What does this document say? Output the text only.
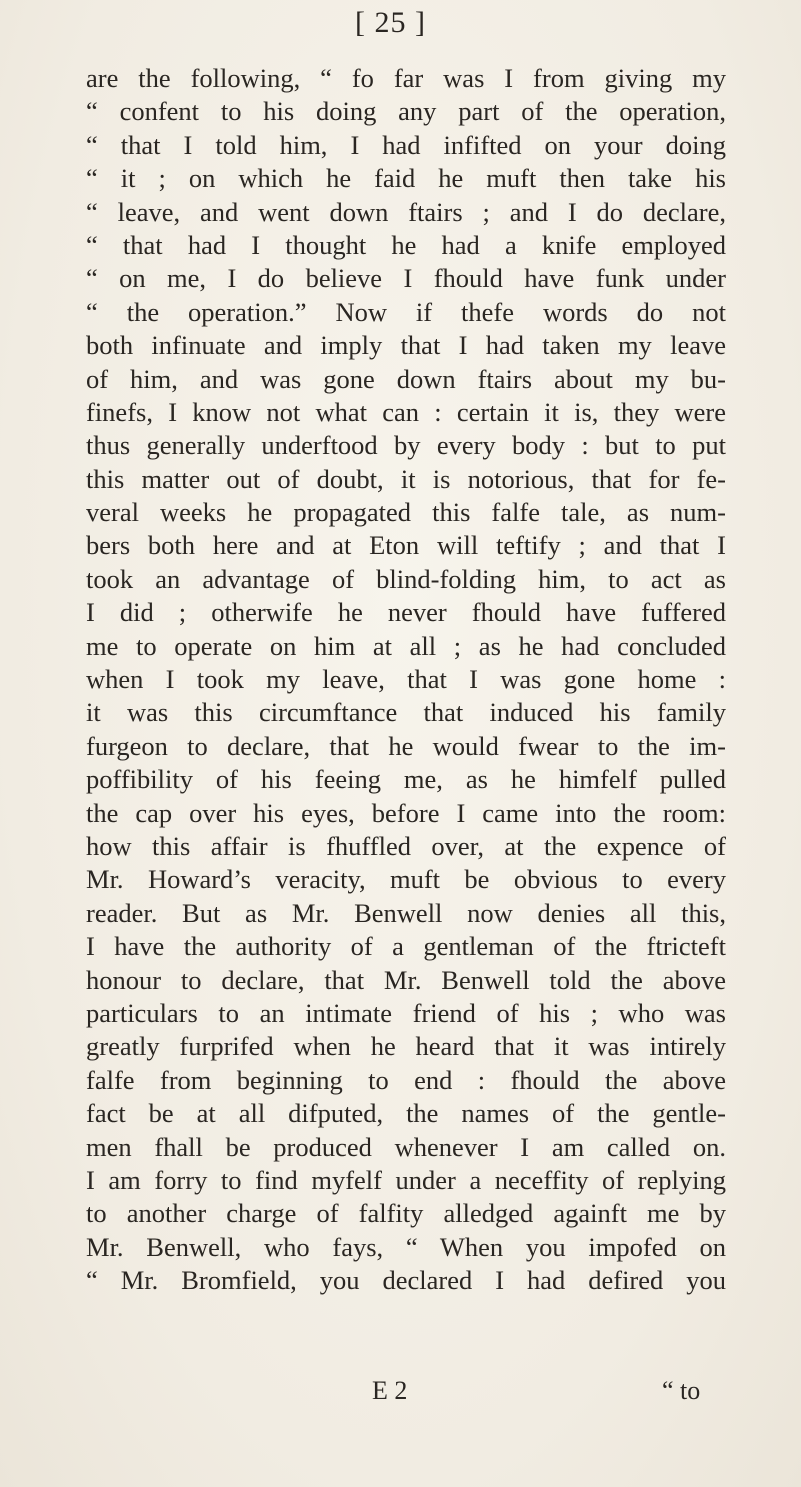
[ 25 ]
are the following, “ fo far was I from giving my
“ confent to his doing any part of the operation,
“ that I told him, I had infifted on your doing
“ it ; on which he faid he muft then take his
“ leave, and went down ftairs ; and I do declare,
“ that had I thought he had a knife employed
“ on me, I do believe I fhould have funk under
“ the operation.” Now if thefe words do not
both infinuate and imply that I had taken my leave
of him, and was gone down ftairs about my bu-
finefs, I know not what can : certain it is, they were
thus generally underftood by every body : but to put
this matter out of doubt, it is notorious, that for fe-
veral weeks he propagated this falfe tale, as num-
bers both here and at Eton will teftify ; and that I
took an advantage of blind-folding him, to act as
I did ; otherwife he never fhould have fuffered
me to operate on him at all ; as he had concluded
when I took my leave, that I was gone home :
it was this circumftance that induced his family
furgeon to declare, that he would fwear to the im-
poffibility of his feeing me, as he himfelf pulled
the cap over his eyes, before I came into the room:
how this affair is fhuffled over, at the expence of
Mr. Howard’s veracity, muft be obvious to every
reader. But as Mr. Benwell now denies all this,
I have the authority of a gentleman of the ftricteft
honour to declare, that Mr. Benwell told the above
particulars to an intimate friend of his ; who was
greatly furprifed when he heard that it was intirely
falfe from beginning to end : fhould the above
fact be at all difputed, the names of the gentle-
men fhall be produced whenever I am called on.
I am forry to find myfelf under a neceffity of replying
to another charge of falfity alledged againft me by
Mr. Benwell, who fays, “ When you impofed on
“ Mr. Bromfield, you declared I had defired you
E 2	“ to
